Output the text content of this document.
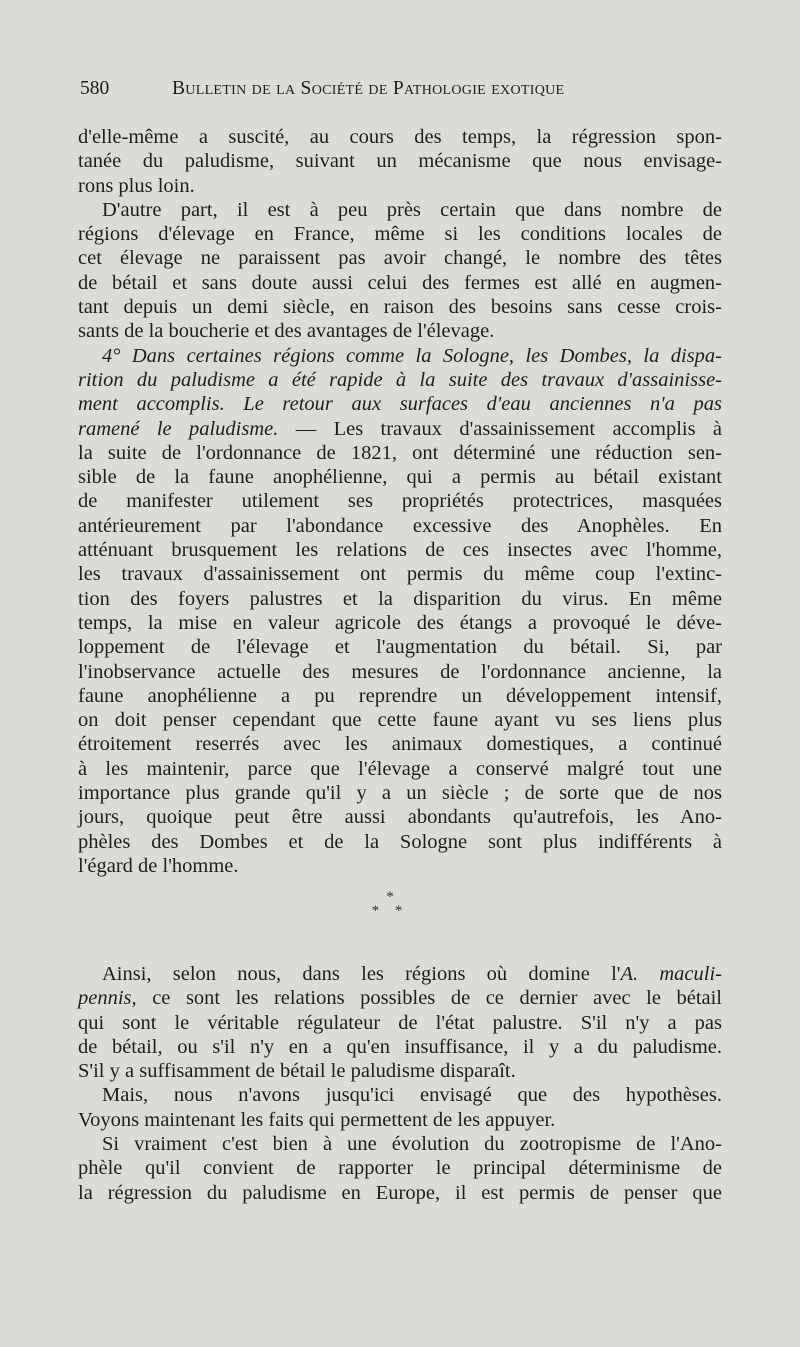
580	Bulletin de la Société de Pathologie exotique
d'elle-même a suscité, au cours des temps, la régression spon-
tanée du paludisme, suivant un mécanisme que nous envisage-
rons plus loin.
D'autre part, il est à peu près certain que dans nombre de
régions d'élevage en France, même si les conditions locales de
cet élevage ne paraissent pas avoir changé, le nombre des têtes
de bétail et sans doute aussi celui des fermes est allé en augmen-
tant depuis un demi siècle, en raison des besoins sans cesse crois-
sants de la boucherie et des avantages de l'élevage.
4° Dans certaines régions comme la Sologne, les Dombes, la dispa-
rition du paludisme a été rapide à la suite des travaux d'assainisse-
ment accomplis. Le retour aux surfaces d'eau anciennes n'a pas
ramené le paludisme. — Les travaux d'assainissement accomplis à
la suite de l'ordonnance de 1821, ont déterminé une réduction sen-
sible de la faune anophélienne, qui a permis au bétail existant
de manifester utilement ses propriétés protectrices, masquées
antérieurement par l'abondance excessive des Anophèles. En
atténuant brusquement les relations de ces insectes avec l'homme,
les travaux d'assainissement ont permis du même coup l'extinc-
tion des foyers palustres et la disparition du virus. En même
temps, la mise en valeur agricole des étangs a provoqué le déve-
loppement de l'élevage et l'augmentation du bétail. Si, par
l'inobservance actuelle des mesures de l'ordonnance ancienne, la
faune anophélienne a pu reprendre un développement intensif,
on doit penser cependant que cette faune ayant vu ses liens plus
étroitement reserrés avec les animaux domestiques, a continué
à les maintenir, parce que l'élevage a conservé malgré tout une
importance plus grande qu'il y a un siècle ; de sorte que de nos
jours, quoique peut être aussi abondants qu'autrefois, les Ano-
phèles des Dombes et de la Sologne sont plus indifférents à
l'égard de l'homme.
*
* *
Ainsi, selon nous, dans les régions où domine l'A. maculi-
pennis, ce sont les relations possibles de ce dernier avec le bétail
qui sont le véritable régulateur de l'état palustre. S'il n'y a pas
de bétail, ou s'il n'y en a qu'en insuffisance, il y a du paludisme.
S'il y a suffisamment de bétail le paludisme disparaît.
Mais, nous n'avons jusqu'ici envisagé que des hypothèses.
Voyons maintenant les faits qui permettent de les appuyer.
Si vraiment c'est bien à une évolution du zootropisme de l'Ano-
phèle qu'il convient de rapporter le principal déterminisme de
la régression du paludisme en Europe, il est permis de penser que
